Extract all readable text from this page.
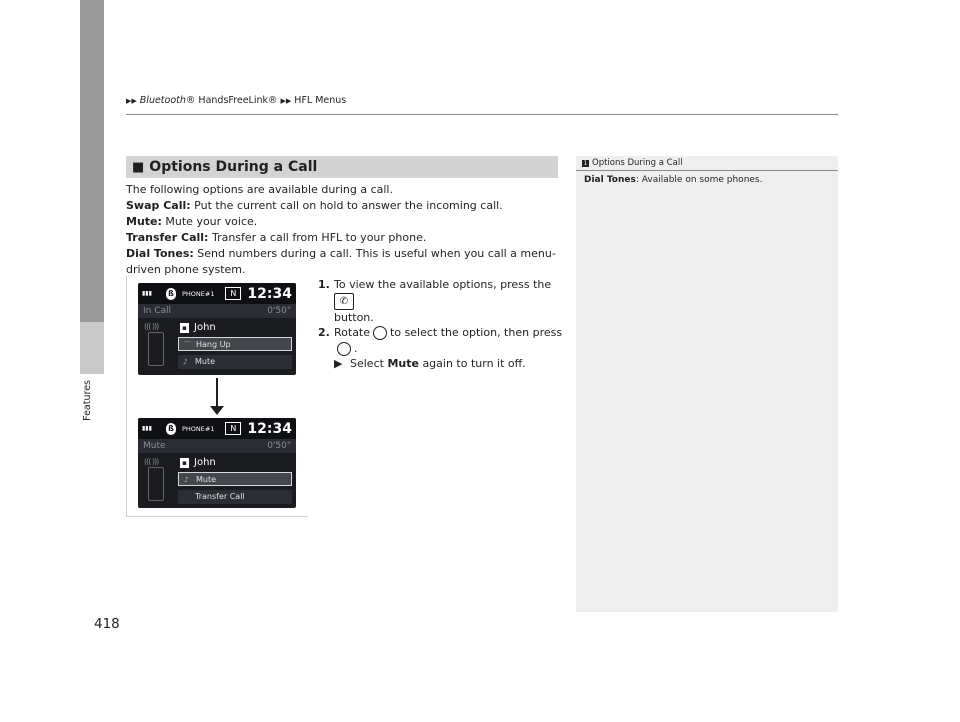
Features
▶▶ Bluetooth® HandsFreeLink® ▶▶ HFL Menus
■ Options During a Call

The following options are available during a call.

Swap Call: Put the current call on hold to answer the incoming call.

Mute: Mute your voice.

Transfer Call: Transfer a call from HFL to your phone.

Dial Tones: Send numbers during a call. This is useful when you call a menu-driven phone system.

▮▮▮	ß	PHONE#1	N 12:34
In Call	0'50"
((( )))	▪ John
⌒ Hang Up
♪ Mute
▮▮▮	ß	PHONE#1	N 12:34
Mute	0'50"
((( )))	▪ John
♪ Mute
Transfer Call
1. To view the available options, press the ✆
button.
2. Rotate to select the option, then press
.
▶ Select Mute again to turn it off.
1 Options During a Call
Dial Tones: Available on some phones.
418
